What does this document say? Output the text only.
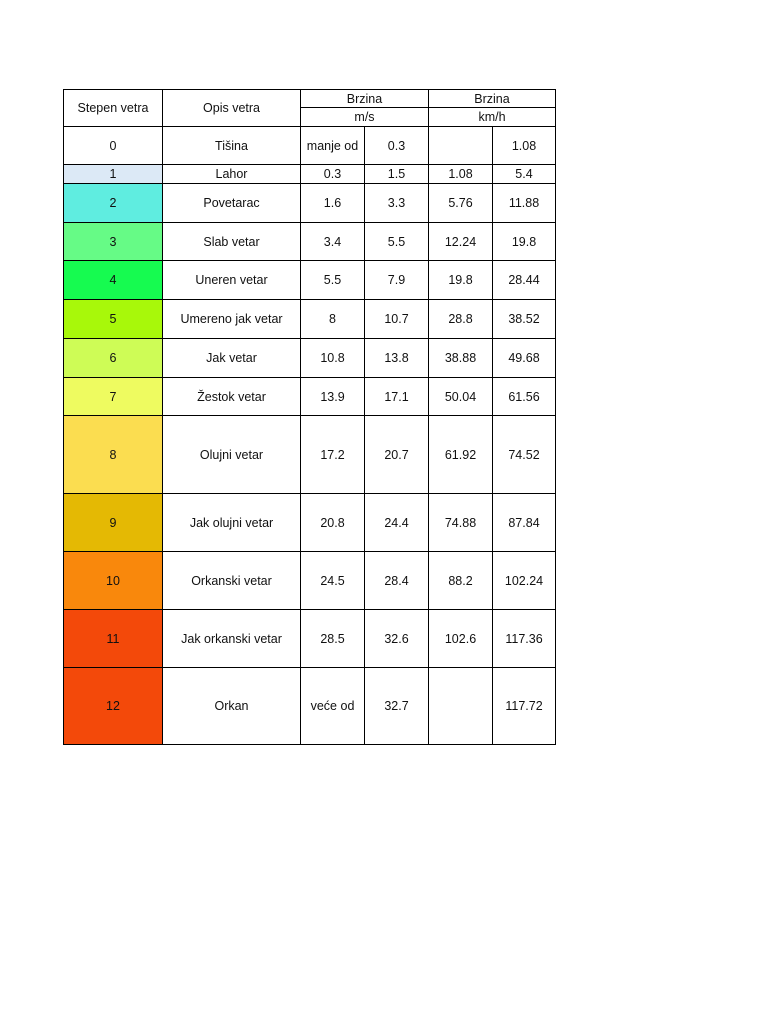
Stepen vetra	Opis vetra	Brzina		Brzina	
		m/s		km/h	
0	Tišina	manje od	0.3		1.08
1	Lahor	0.3	1.5	1.08	5.4
2	Povetarac	1.6	3.3	5.76	11.88
3	Slab vetar	3.4	5.5	12.24	19.8
4	Uneren vetar	5.5	7.9	19.8	28.44
5	Umereno jak vetar	8	10.7	28.8	38.52
6	Jak vetar	10.8	13.8	38.88	49.68
7	Žestok vetar	13.9	17.1	50.04	61.56
8	Olujni vetar	17.2	20.7	61.92	74.52
9	Jak olujni vetar	20.8	24.4	74.88	87.84
10	Orkanski vetar	24.5	28.4	88.2	102.24
11	Jak orkanski vetar	28.5	32.6	102.6	117.36
12	Orkan	veće od	32.7		117.72
